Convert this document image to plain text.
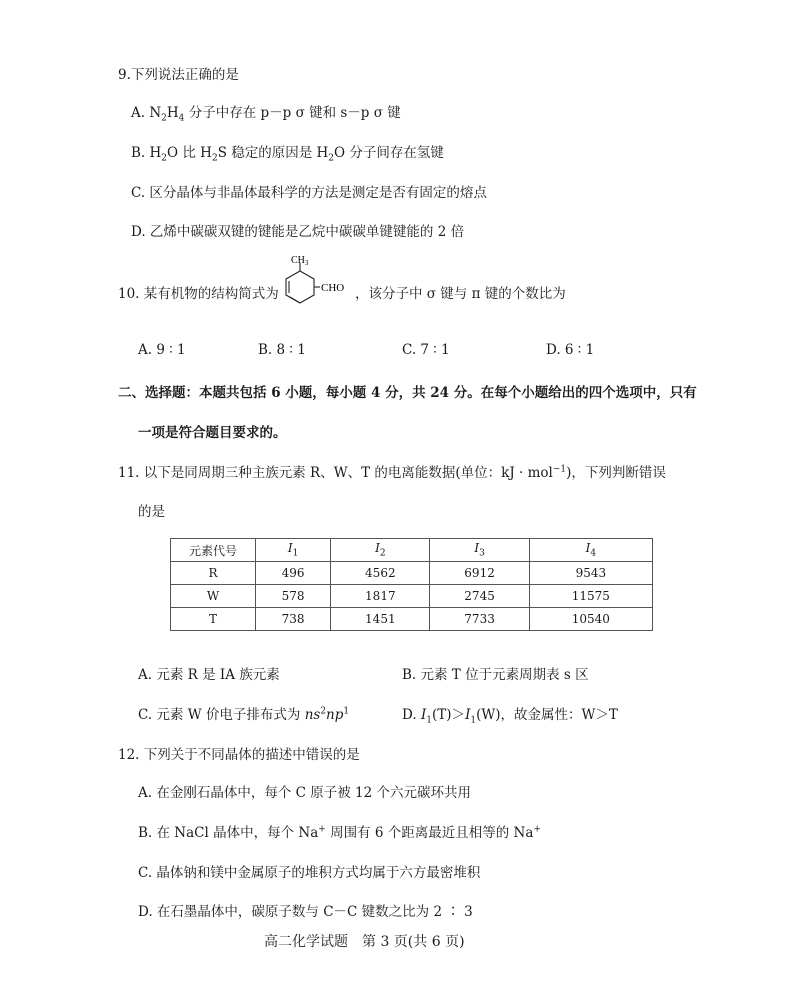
9.下列说法正确的是
A. $N_2H_4$ 分子中存在 p－p σ 键和 s－p σ 键
B. $H_2O$ 比 $H_2S$ 稳定的原因是 $H_2O$ 分子间存在氢键
C. 区分晶体与非晶体最科学的方法是测定是否有固定的熔点
D. 乙烯中碳碳双键的键能是乙烷中碳碳单键键能的 2 倍
10. 某有机物的结构简式为
$CH_3$
CHO ，该分子中 σ 键与 π 键的个数比为
A. 9 ∶ 1	B. 8 ∶ 1	C. 7 ∶ 1	D. 6 ∶ 1
二、选择题：本题共包括 6 小题，每小题 4 分，共 24 分。在每个小题给出的四个选项中，只有
一项是符合题目要求的。
11. 以下是同周期三种主族元素 R、W、T 的电离能数据(单位：kJ · mol$^{-1}$)，下列判断错误
的是
元素代号	$I_1$	$I_2$	$I_3$	$I_4$
R	496	4562	6912	9543
W	578	1817	2745	11575
T	738	1451	7733	10540
A. 元素 R 是 ⅠA 族元素	B. 元素 T 位于元素周期表 s 区
C. 元素 W 价电子排布式为 $ns^2np^1$	D. $I_1(T)>I_1(W)$，故金属性：W＞T
12. 下列关于不同晶体的描述中错误的是
A. 在金刚石晶体中，每个 C 原子被 12 个六元碳环共用
B. 在 NaCl 晶体中，每个 Na+ 周围有 6 个距离最近且相等的 Na+
C. 晶体钠和镁中金属原子的堆积方式均属于六方最密堆积
D. 在石墨晶体中，碳原子数与 C－C 键数之比为 2 ∶ 3
高二化学试题　第 3 页(共 6 页)
